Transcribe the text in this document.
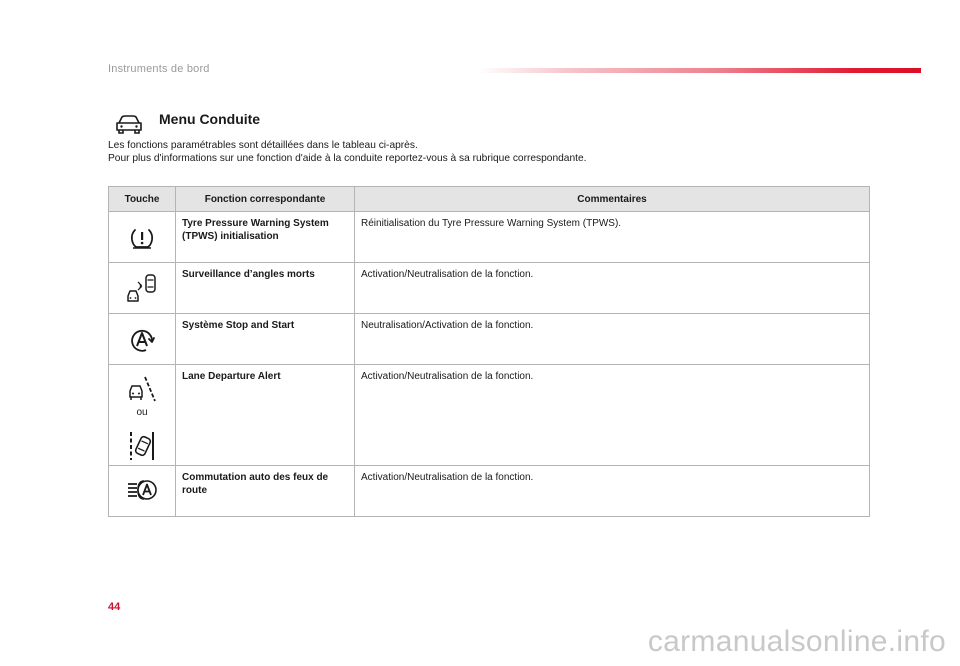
Instruments de bord
Menu Conduite
Les fonctions paramétrables sont détaillées dans le tableau ci-après.
Pour plus d'informations sur une fonction d'aide à la conduite reportez-vous à sa rubrique correspondante.
Touche	Fonction correspondante	Commentaires

	Tyre Pressure Warning System (TPWS) initialisation	Réinitialisation du Tyre Pressure Warning System (TPWS).

	Surveillance d’angles morts	Activation/Neutralisation de la fonction.

	Système Stop and Start	Neutralisation/Activation de la fonction.

ou	Lane Departure Alert	Activation/Neutralisation de la fonction.

	Commutation auto des feux de route	Activation/Neutralisation de la fonction.
44
carmanualsonline.info
